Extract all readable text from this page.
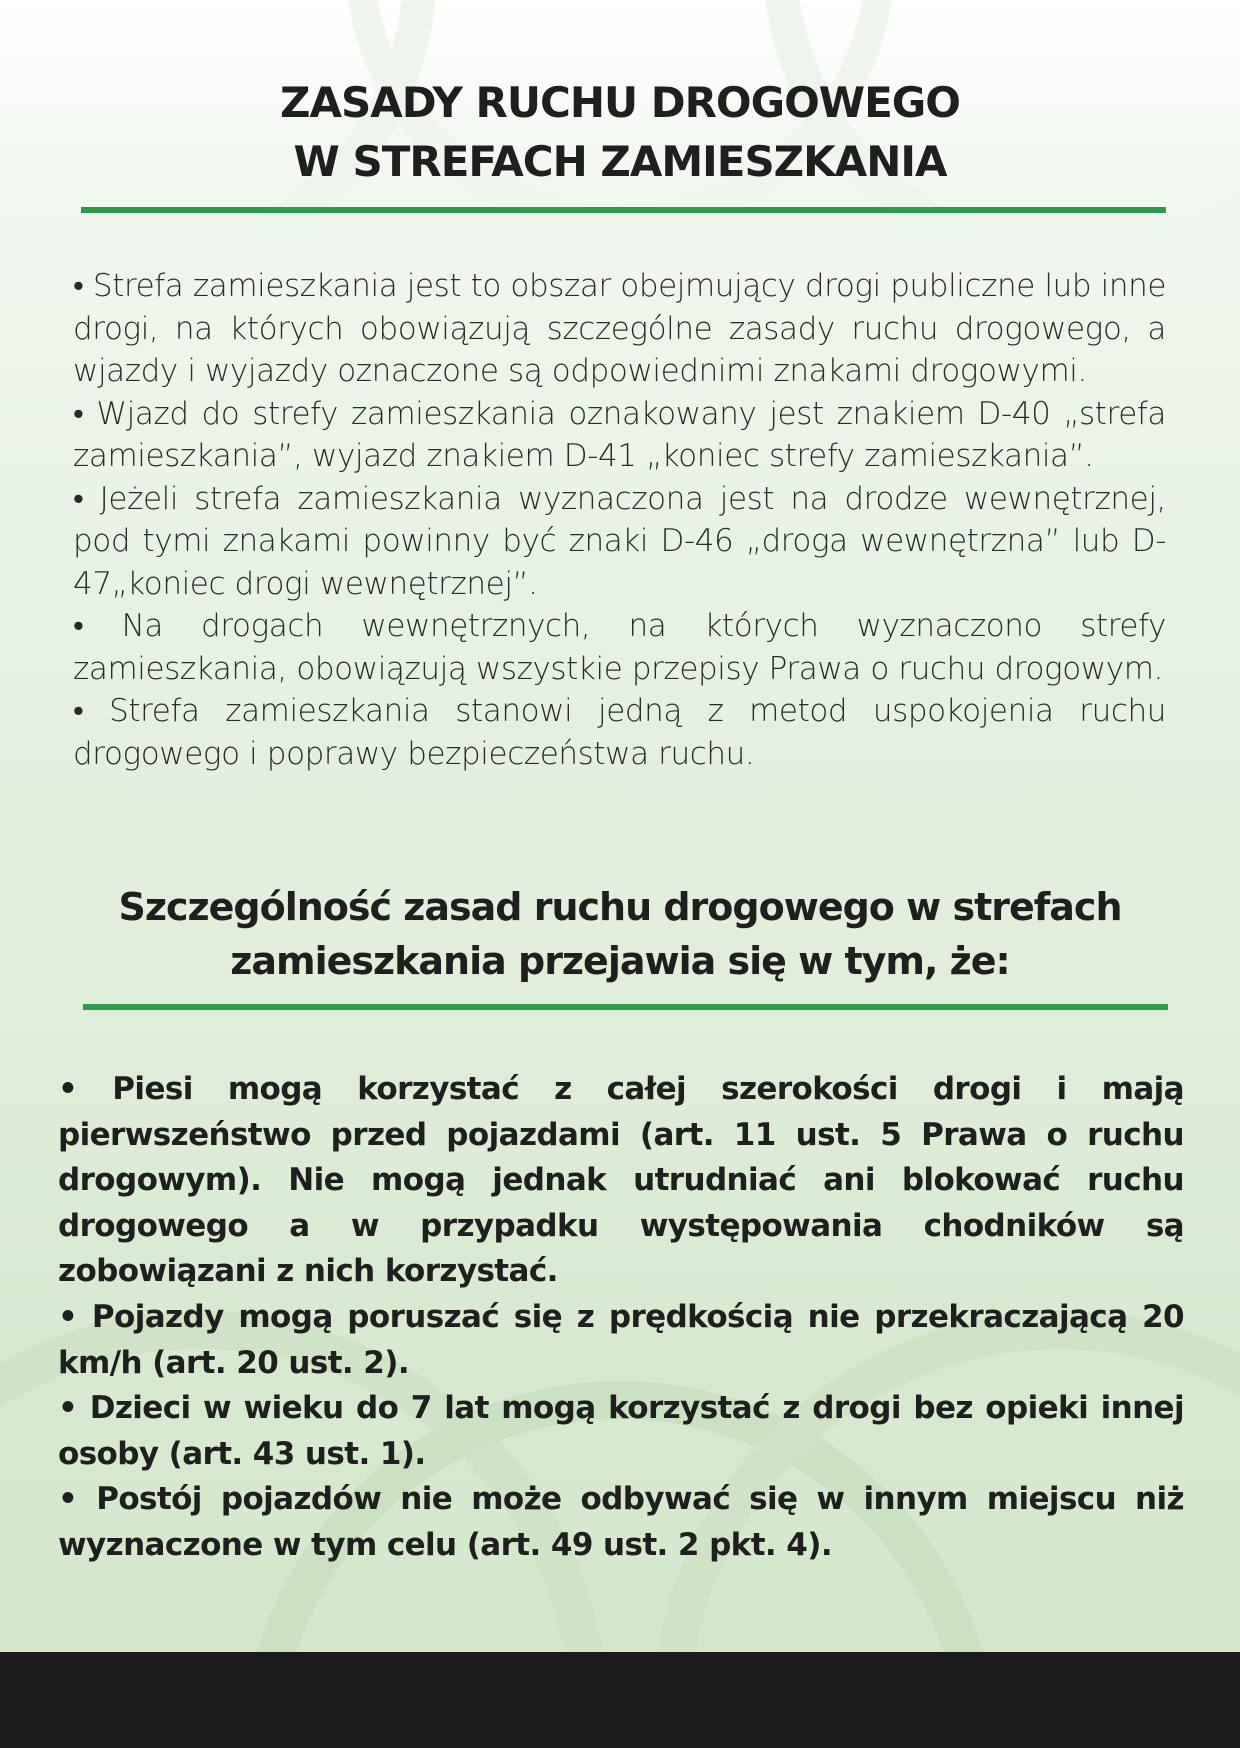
ZASADY RUCHU DROGOWEGO
W STREFACH ZAMIESZKANIA

• Strefa zamieszkania jest to obszar obejmujący drogi publiczne lub inne drogi, na których obowiązują szczególne zasady ruchu drogowego, a wjazdy i wyjazdy oznaczone są odpowiednimi znakami drogowymi.

• Wjazd do strefy zamieszkania oznakowany jest znakiem D-40 „strefa zamieszkania”, wyjazd znakiem D-41 „koniec strefy zamieszkania”.

• Jeżeli strefa zamieszkania wyznaczona jest na drodze wewnętrznej, pod tymi znakami powinny być znaki D-46 „droga wewnętrzna” lub D-47„koniec drogi wewnętrznej”.

• Na drogach wewnętrznych, na których wyznaczono strefy zamieszkania, obowiązują wszystkie przepisy Prawa o ruchu drogowym.

• Strefa zamieszkania stanowi jedną z metod uspokojenia ruchu drogowego i poprawy bezpieczeństwa ruchu.

Szczególność zasad ruchu drogowego w strefach
zamieszkania przejawia się w tym, że:

• Piesi mogą korzystać z całej szerokości drogi i mają pierwszeństwo przed pojazdami (art. 11 ust. 5 Prawa o ruchu drogowym). Nie mogą jednak utrudniać ani blokować ruchu drogowego a w przypadku występowania chodników są zobowiązani z nich korzystać.

• Pojazdy mogą poruszać się z prędkością nie przekraczającą 20 km/h (art. 20 ust. 2).

• Dzieci w wieku do 7 lat mogą korzystać z drogi bez opieki innej osoby (art. 43 ust. 1).

• Postój pojazdów nie może odbywać się w innym miejscu niż wyznaczone w tym celu (art. 49 ust. 2 pkt. 4).
